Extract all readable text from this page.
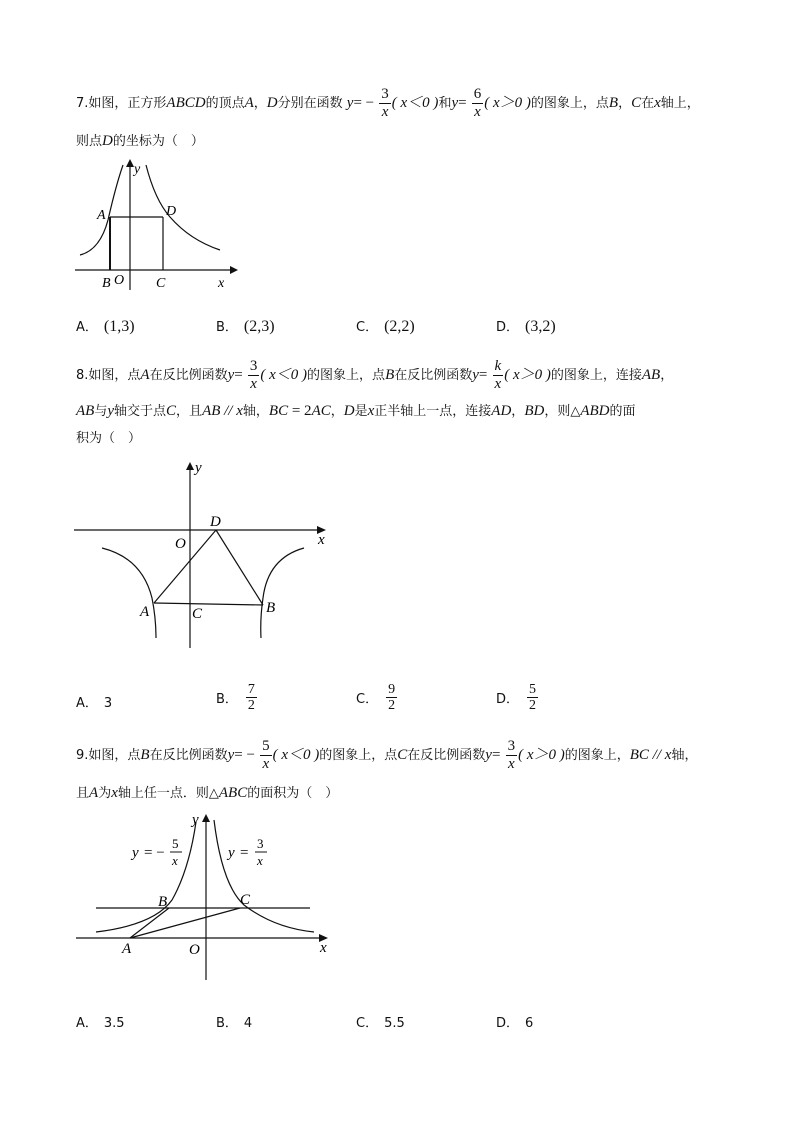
7.如图，正方形ABCD的顶点A，D分别在函数 $y= - \frac{3}{x}$ ( x＜0 )和$y= \frac{6}{x}$ ( x＞0 )的图象上，点B，C在x轴上，
则点D的坐标为（　）
y
A	D
B O C	x
A． (1,3)	B． (2,3)	C． (2,2)	D． (3,2)
8.如图，点A在反比例函数$y= \frac{3}{x}$ ( x＜0 )的图象上，点B在反比例函数$y= \frac{k}{x}$ ( x＞0 )的图象上，连接AB，
AB与y轴交于点C，且AB // x轴，BC = 2AC，D是x正半轴上一点，连接AD，BD，则△ABD的面
积为（　）
y
x
O
D
A	C	B
A． 3	B． $\frac{7}{2}$	C． $\frac{9}{2}$	D． $\frac{5}{2}$
9.如图，点B在反比例函数$y= - \frac{5}{x}$ ( x＜0 )的图象上，点C在反比例函数$y= \frac{3}{x}$ ( x＞0 )的图象上，BC // x轴，
且A为x轴上任一点．则△ABC的面积为（　）
y = −
5
x	y =
3
x
y
x
O
A
B	C
A． 3.5	B． 4	C． 5.5	D． 6
